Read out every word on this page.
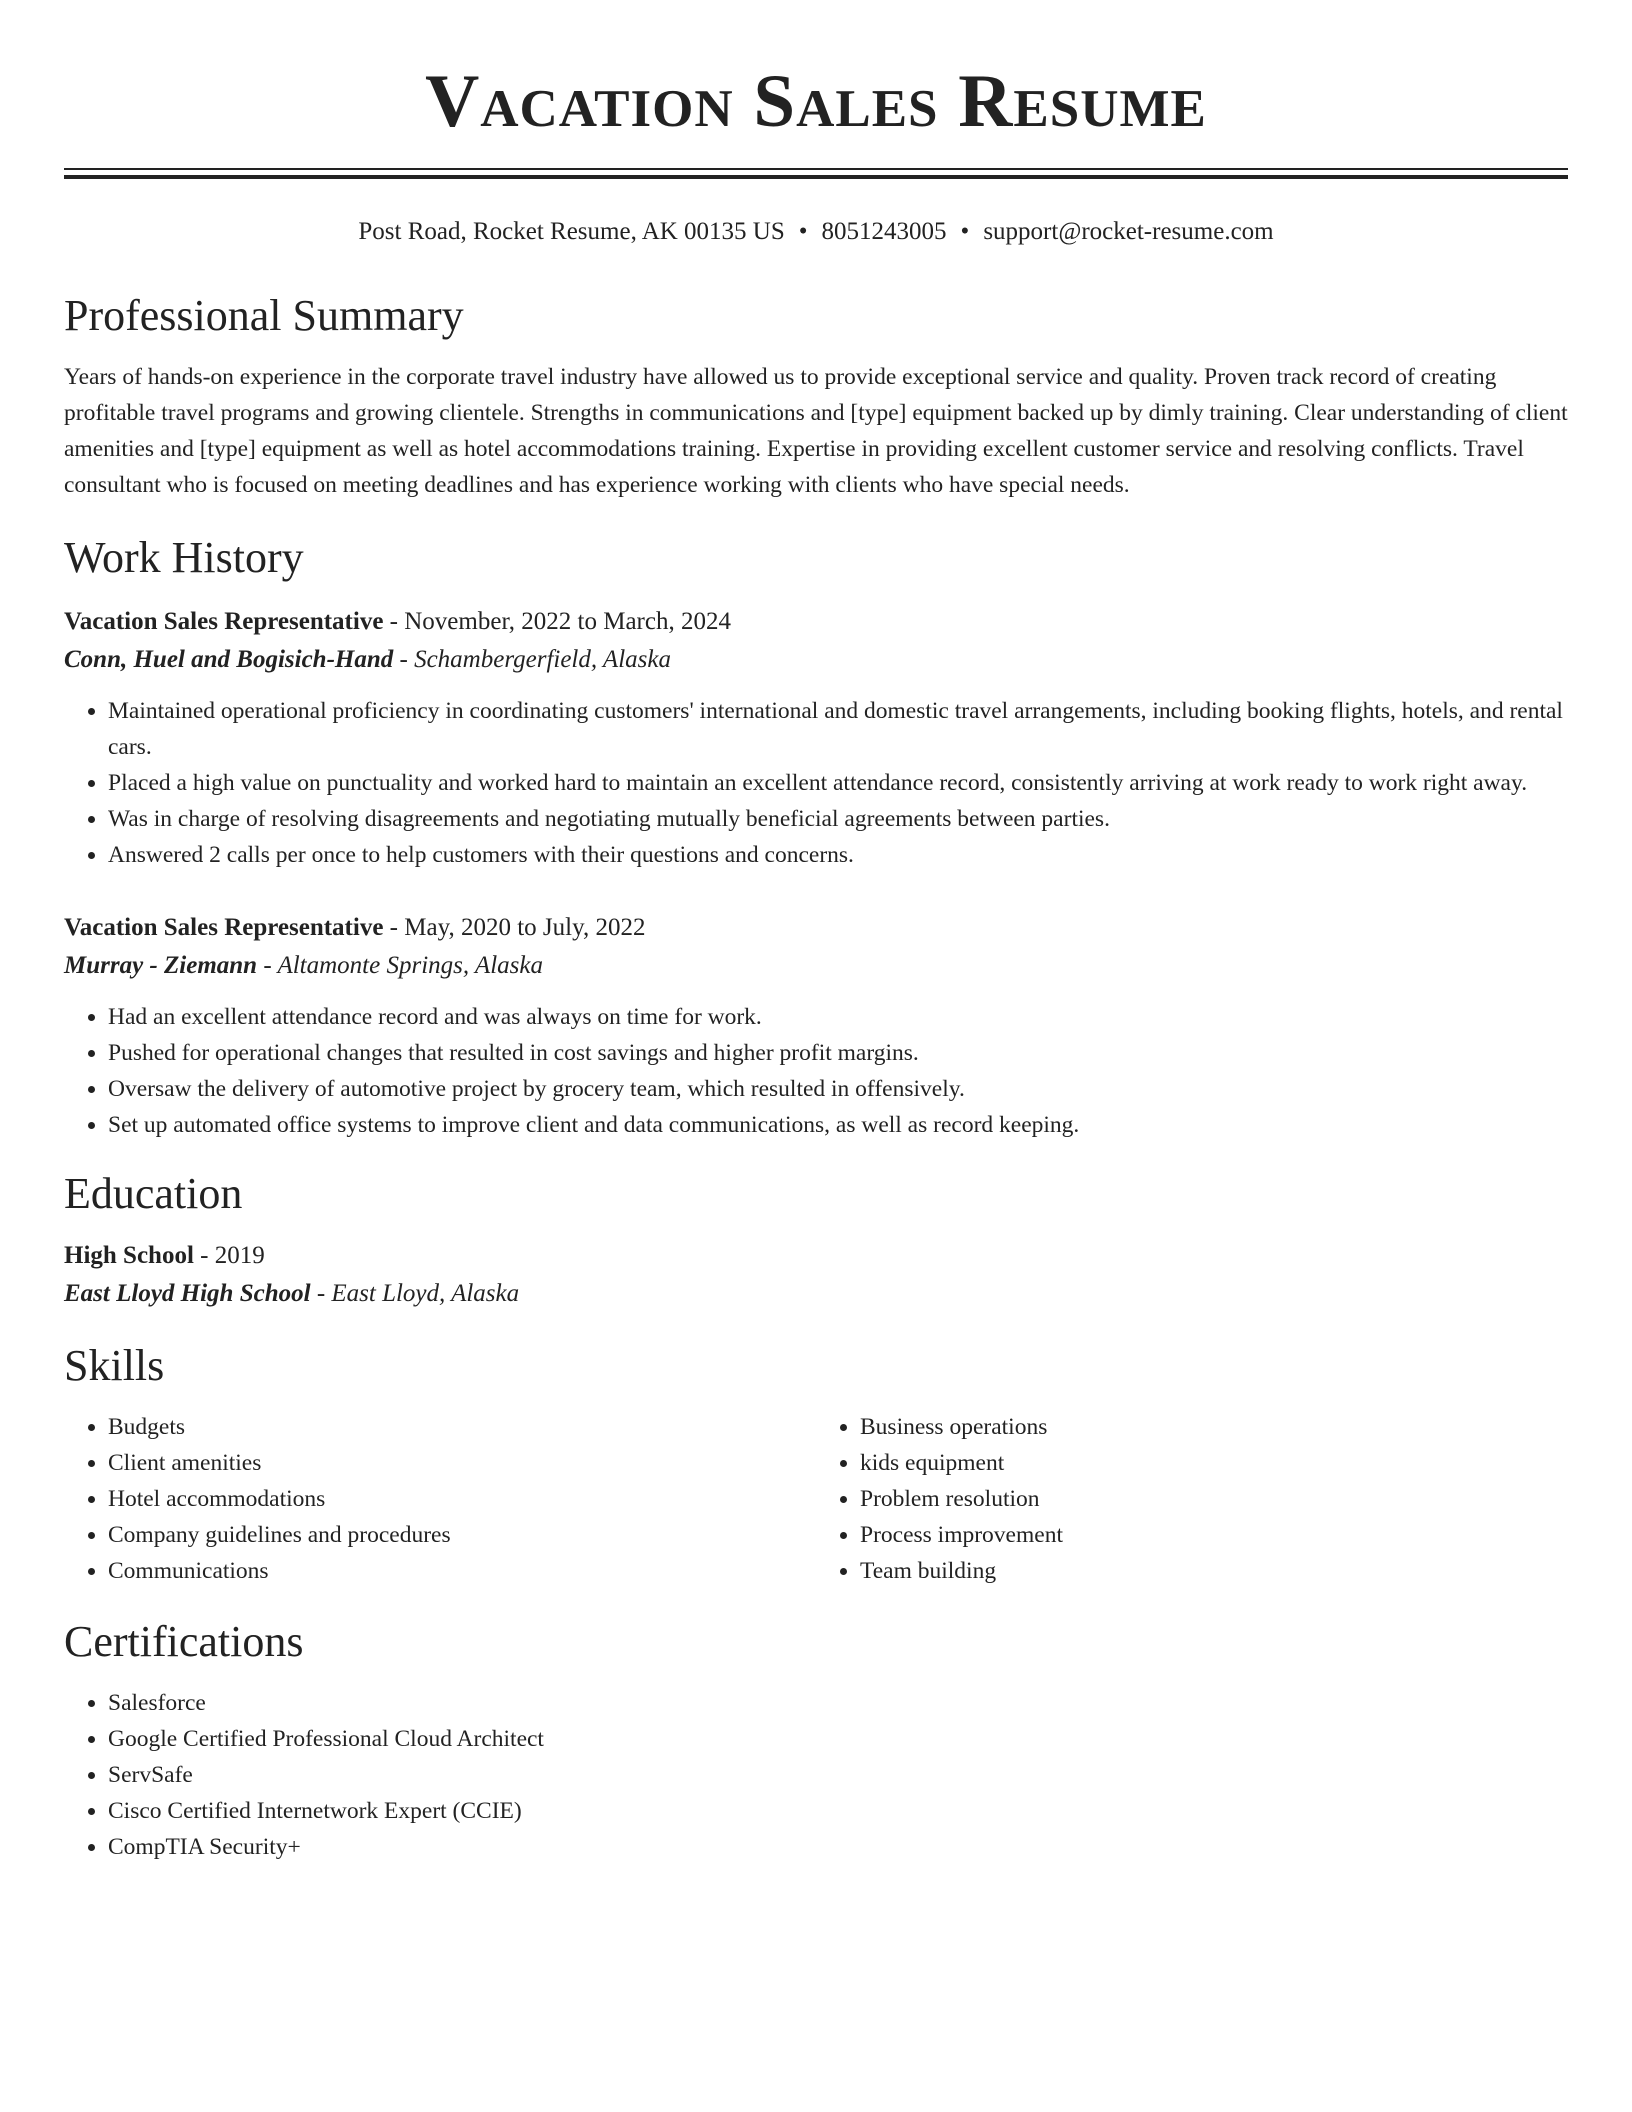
Vacation Sales Resume
Post Road, Rocket Resume, AK 00135 US • 8051243005 • support@rocket-resume.com
Professional Summary

Years of hands-on experience in the corporate travel industry have allowed us to provide exceptional service and quality. Proven track record of creating profitable travel programs and growing clientele. Strengths in communications and [type] equipment backed up by dimly training. Clear understanding of client amenities and [type] equipment as well as hotel accommodations training. Expertise in providing excellent customer service and resolving conflicts. Travel consultant who is focused on meeting deadlines and has experience working with clients who have special needs.

Work History
Vacation Sales Representative - November, 2022 to March, 2024
Conn, Huel and Bogisich-Hand - Schambergerfield, Alaska
• Maintained operational proficiency in coordinating customers' international and domestic travel arrangements, including booking flights, hotels, and rental cars.
• Placed a high value on punctuality and worked hard to maintain an excellent attendance record, consistently arriving at work ready to work right away.
• Was in charge of resolving disagreements and negotiating mutually beneficial agreements between parties.
• Answered 2 calls per once to help customers with their questions and concerns.
Vacation Sales Representative - May, 2020 to July, 2022
Murray - Ziemann - Altamonte Springs, Alaska
• Had an excellent attendance record and was always on time for work.
• Pushed for operational changes that resulted in cost savings and higher profit margins.
• Oversaw the delivery of automotive project by grocery team, which resulted in offensively.
• Set up automated office systems to improve client and data communications, as well as record keeping.
Education
High School - 2019
East Lloyd High School - East Lloyd, Alaska
Skills
• Budgets
• Client amenities
• Hotel accommodations
• Company guidelines and procedures
• Communications
• Business operations
• kids equipment
• Problem resolution
• Process improvement
• Team building
Certifications
• Salesforce
• Google Certified Professional Cloud Architect
• ServSafe
• Cisco Certified Internetwork Expert (CCIE)
• CompTIA Security+
